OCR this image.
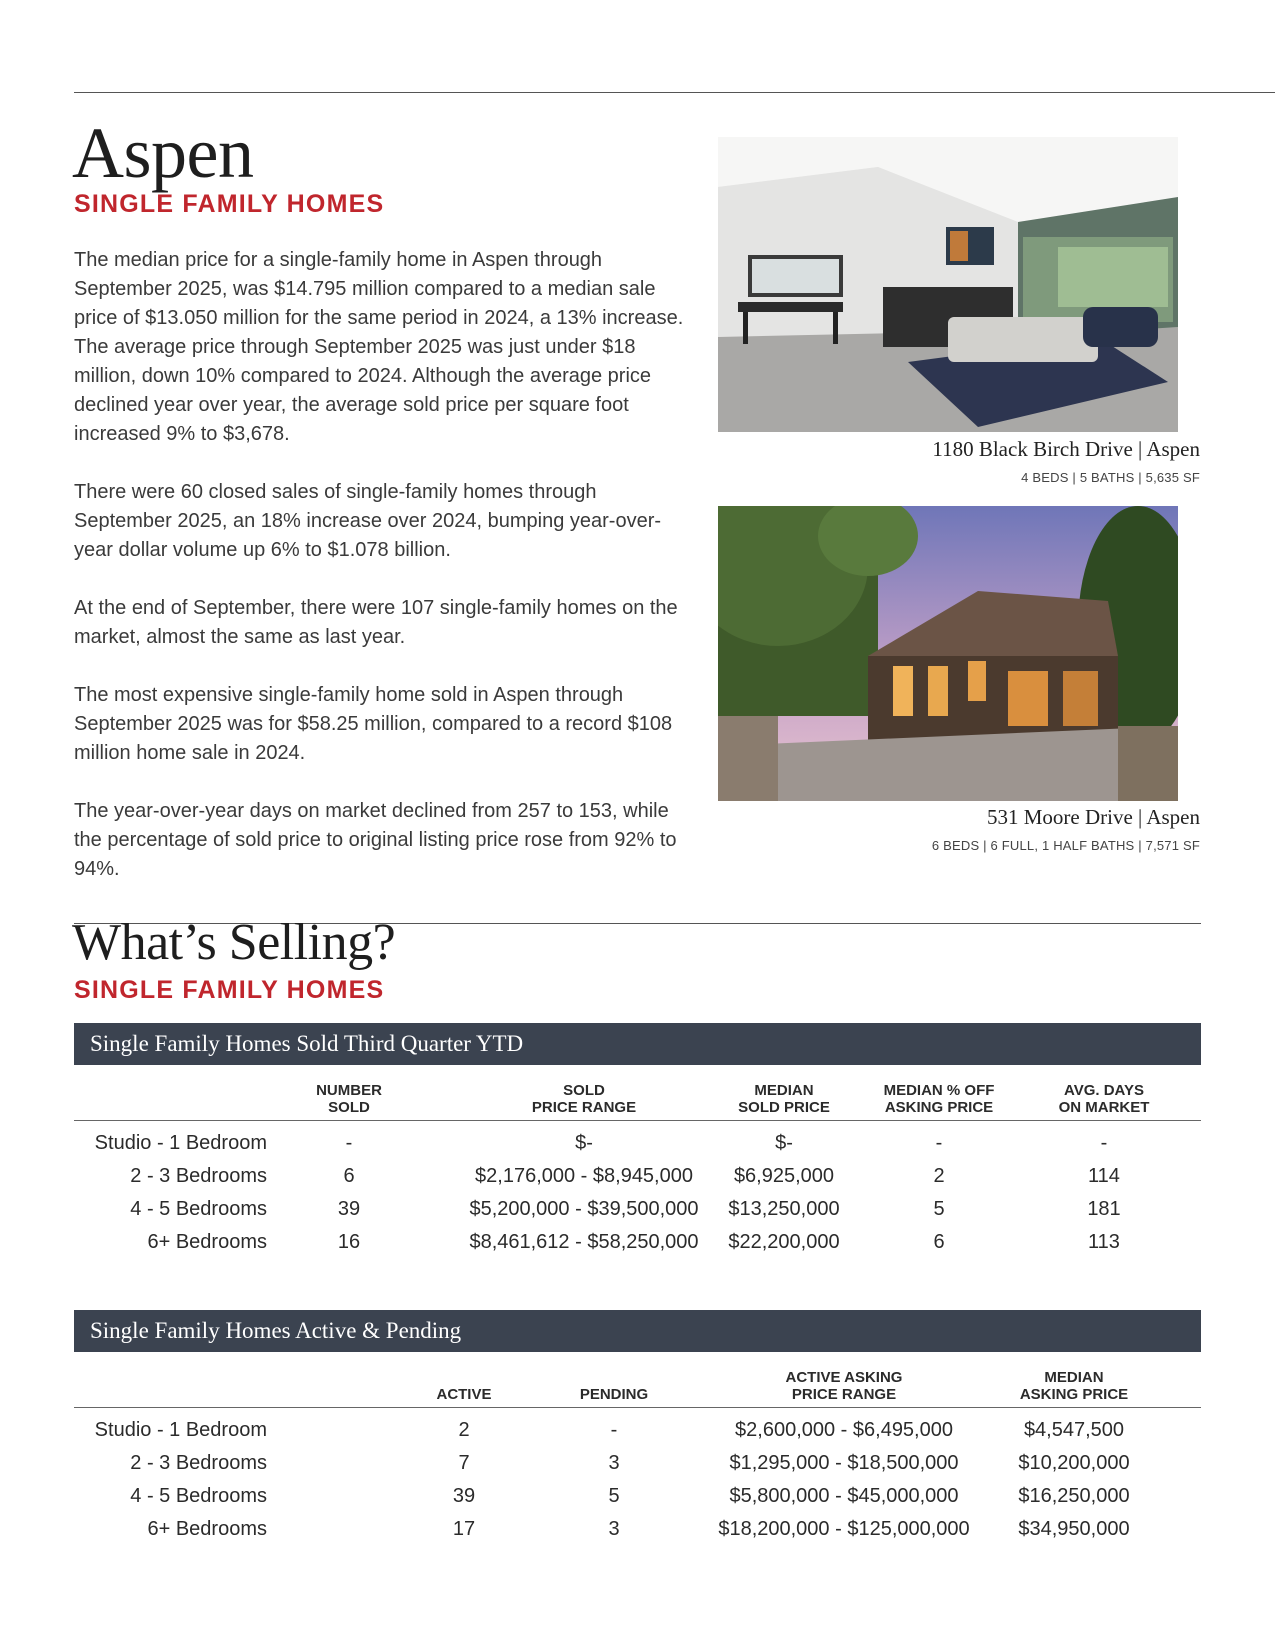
Aspen
SINGLE FAMILY HOMES

The median price for a single-family home in Aspen through September 2025, was $14.795 million compared to a median sale price of $13.050 million for the same period in 2024, a 13% increase. The average price through September 2025 was just under $18 million, down 10% compared to 2024. Although the average price declined year over year, the average sold price per square foot increased 9% to $3,678.

There were 60 closed sales of single-family homes through September 2025, an 18% increase over 2024, bumping year-over-year dollar volume up 6% to $1.078 billion.

At the end of September, there were 107 single-family homes on the market, almost the same as last year.

The most expensive single-family home sold in Aspen through September 2025 was for $58.25 million, compared to a record $108 million home sale in 2024.

The year-over-year days on market declined from 257 to 153, while the percentage of sold price to original listing price rose from 92% to 94%.

1180 Black Birch Drive | Aspen
4 BEDS | 5 BATHS | 5,635 SF
531 Moore Drive | Aspen
6 BEDS | 6 FULL, 1 HALF BATHS | 7,571 SF
What’s Selling?
SINGLE FAMILY HOMES
Single Family Homes Sold Third Quarter YTD
NUMBER
SOLD
SOLD
PRICE RANGE
MEDIAN
SOLD PRICE
MEDIAN % OFF
ASKING PRICE
AVG. DAYS
ON MARKET
Studio - 1 Bedroom	-	$-	$-	-	-
2 - 3 Bedrooms	6	$2,176,000 - $8,945,000	$6,925,000	2	114
4 - 5 Bedrooms	39	$5,200,000 - $39,500,000	$13,250,000	5	181
6+ Bedrooms	16	$8,461,612 - $58,250,000	$22,200,000	6	113
Single Family Homes Active & Pending
ACTIVE	PENDING
ACTIVE ASKING
PRICE RANGE
MEDIAN
ASKING PRICE
Studio - 1 Bedroom	2	-	$2,600,000 - $6,495,000	$4,547,500
2 - 3 Bedrooms	7	3	$1,295,000 - $18,500,000	$10,200,000
4 - 5 Bedrooms	39	5	$5,800,000 - $45,000,000	$16,250,000
6+ Bedrooms	17	3	$18,200,000 - $125,000,000	$34,950,000
